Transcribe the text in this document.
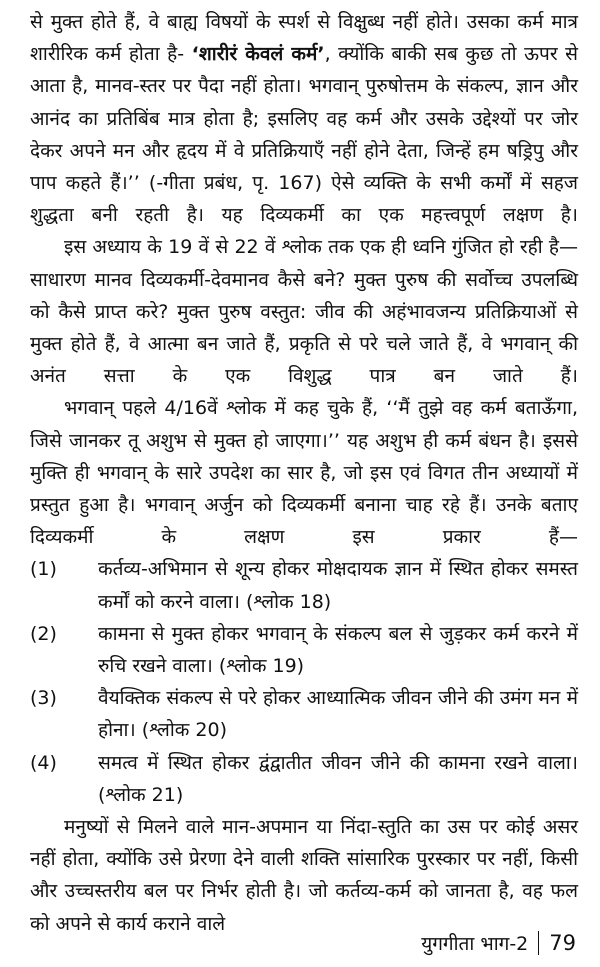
से मुक्त होते हैं, वे बाह्य विषयों के स्पर्श से विक्षुब्ध नहीं होते। उसका कर्म मात्र शारीरिक कर्म होता है- ‘शारीरं केवलं कर्म’, क्योंकि बाकी सब कुछ तो ऊपर से आता है, मानव-स्तर पर पैदा नहीं होता। भगवान् पुरुषोत्तम के संकल्प, ज्ञान और आनंद का प्रतिबिंब मात्र होता है; इसलिए वह कर्म और उसके उद्देश्यों पर जोर देकर अपने मन और हृदय में वे प्रतिक्रियाएँ नहीं होने देता, जिन्हें हम षड्रिपु और पाप कहते हैं।’’ (-गीता प्रबंध, पृ. 167) ऐसे व्यक्ति के सभी कर्मों में सहज शुद्धता बनी रहती है। यह दिव्यकर्मी का एक महत्त्वपूर्ण लक्षण है।

इस अध्याय के 19 वें से 22 वें श्लोक तक एक ही ध्वनि गुंजित हो रही है—साधारण मानव दिव्यकर्मी-देवमानव कैसे बने? मुक्त पुरुष की सर्वोच्च उपलब्धि को कैसे प्राप्त करे? मुक्त पुरुष वस्तुत: जीव की अहंभावजन्य प्रतिक्रियाओं से मुक्त होते हैं, वे आत्मा बन जाते हैं, प्रकृति से परे चले जाते हैं, वे भगवान् की अनंत सत्ता के एक विशुद्ध पात्र बन जाते हैं।

भगवान् पहले 4/16वें श्लोक में कह चुके हैं, ‘‘मैं तुझे वह कर्म बताऊँगा, जिसे जानकर तू अशुभ से मुक्त हो जाएगा।’’ यह अशुभ ही कर्म बंधन है। इससे मुक्ति ही भगवान् के सारे उपदेश का सार है, जो इस एवं विगत तीन अध्यायों में प्रस्तुत हुआ है। भगवान् अर्जुन को दिव्यकर्मी बनाना चाह रहे हैं। उनके बताए दिव्यकर्मी के लक्षण इस प्रकार हैं—

(1)	कर्तव्य-अभिमान से शून्य होकर मोक्षदायक ज्ञान में स्थित होकर समस्त कर्मों को करने वाला। (श्लोक 18)
(2)	कामना से मुक्त होकर भगवान् के संकल्प बल से जुड़कर कर्म करने में रुचि रखने वाला। (श्लोक 19)
(3)	वैयक्तिक संकल्प से परे होकर आध्यात्मिक जीवन जीने की उमंग मन में होना। (श्लोक 20)
(4)	समत्व में स्थित होकर द्वंद्वातीत जीवन जीने की कामना रखने वाला। (श्लोक 21)

मनुष्यों से मिलने वाले मान-अपमान या निंदा-स्तुति का उस पर कोई असर नहीं होता, क्योंकि उसे प्रेरणा देने वाली शक्ति सांसारिक पुरस्कार पर नहीं, किसी और उच्चस्तरीय बल पर निर्भर होती है। जो कर्तव्य-कर्म को जानता है, वह फल को अपने से कार्य कराने वाले

युगगीता भाग-2 79
